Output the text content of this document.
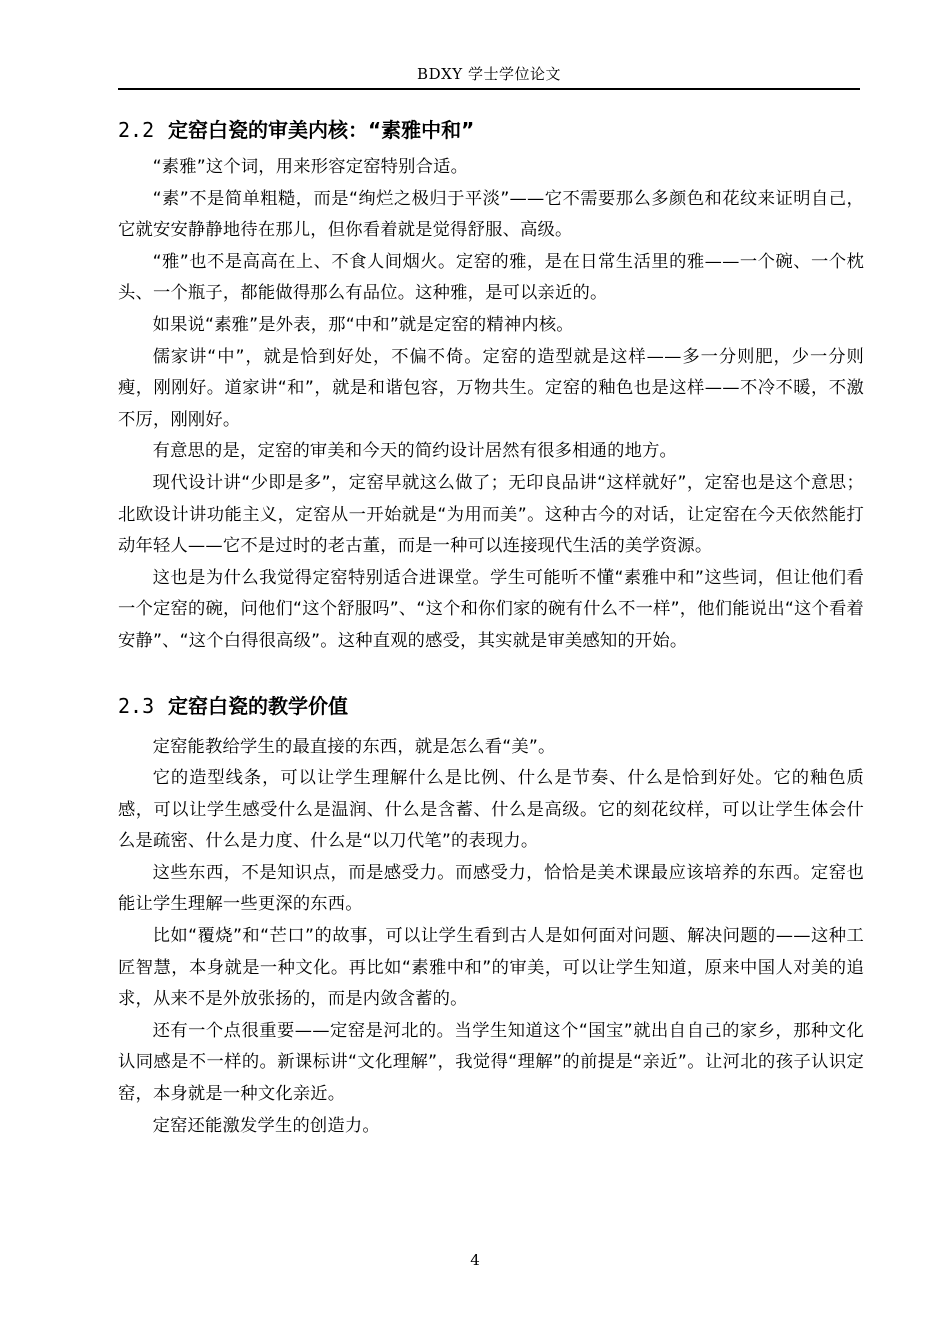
BDXY 学士学位论文
2.2 定窑白瓷的审美内核：“素雅中和”

“素雅”这个词，用来形容定窑特别合适。

“素”不是简单粗糙，而是“绚烂之极归于平淡”——它不需要那么多颜色和花纹来证明自己，它就安安静静地待在那儿，但你看着就是觉得舒服、高级。

“雅”也不是高高在上、不食人间烟火。定窑的雅，是在日常生活里的雅——一个碗、一个枕头、一个瓶子，都能做得那么有品位。这种雅，是可以亲近的。

如果说“素雅”是外表，那“中和”就是定窑的精神内核。

儒家讲“中”，就是恰到好处，不偏不倚。定窑的造型就是这样——多一分则肥，少一分则瘦，刚刚好。道家讲“和”，就是和谐包容，万物共生。定窑的釉色也是这样——不冷不暖，不激不厉，刚刚好。

有意思的是，定窑的审美和今天的简约设计居然有很多相通的地方。

现代设计讲“少即是多”，定窑早就这么做了；无印良品讲“这样就好”，定窑也是这个意思；北欧设计讲功能主义，定窑从一开始就是“为用而美”。这种古今的对话，让定窑在今天依然能打动年轻人——它不是过时的老古董，而是一种可以连接现代生活的美学资源。

这也是为什么我觉得定窑特别适合进课堂。学生可能听不懂“素雅中和”这些词，但让他们看一个定窑的碗，问他们“这个舒服吗”、“这个和你们家的碗有什么不一样”，他们能说出“这个看着安静”、“这个白得很高级”。这种直观的感受，其实就是审美感知的开始。

2.3 定窑白瓷的教学价值

定窑能教给学生的最直接的东西，就是怎么看“美”。

它的造型线条，可以让学生理解什么是比例、什么是节奏、什么是恰到好处。它的釉色质感，可以让学生感受什么是温润、什么是含蓄、什么是高级。它的刻花纹样，可以让学生体会什么是疏密、什么是力度、什么是“以刀代笔”的表现力。

这些东西，不是知识点，而是感受力。而感受力，恰恰是美术课最应该培养的东西。定窑也能让学生理解一些更深的东西。

比如“覆烧”和“芒口”的故事，可以让学生看到古人是如何面对问题、解决问题的——这种工匠智慧，本身就是一种文化。再比如“素雅中和”的审美，可以让学生知道，原来中国人对美的追求，从来不是外放张扬的，而是内敛含蓄的。

还有一个点很重要——定窑是河北的。当学生知道这个“国宝”就出自自己的家乡，那种文化认同感是不一样的。新课标讲“文化理解”，我觉得“理解”的前提是“亲近”。让河北的孩子认识定窑，本身就是一种文化亲近。

定窑还能激发学生的创造力。

4
